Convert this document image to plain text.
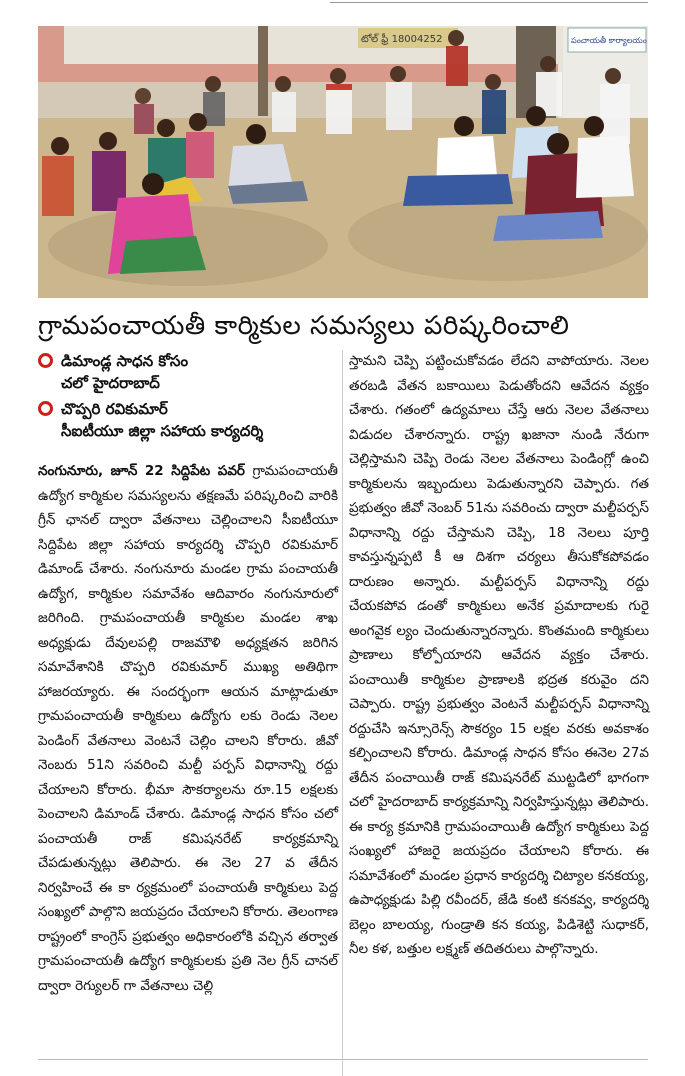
టోల్ ఫ్రీ 18004252	పంచాయతీ కార్యాలయం
గ్రామపంచాయతీ కార్మికుల సమస్యలు పరిష్కరించాలి
డిమాండ్ల సాధన కోసం
చలో హైదరాబాద్
చొప్పరి రవికుమార్
సీఐటీయూ జిల్లా సహాయ కార్యదర్శి
నంగునూరు, జూన్ 22 సిద్దిపేట పవర్ గ్రామపంచాయతీ ఉద్యోగ కార్మికుల సమస్యలను తక్షణమే పరిష్కరించి వారికి గ్రీన్ ఛానల్ ద్వారా వేతనాలు చెల్లించాలని సీఐటీయూ సిద్దిపేట జిల్లా సహాయ కార్యదర్శి చొప్పరి రవికుమార్ డిమాండ్ చేశారు. నంగునూరు మండల గ్రామ పంచాయతీ ఉద్యోగ, కార్మికుల సమావేశం ఆదివారం నంగునూరులో జరిగింది. గ్రామపంచాయతీ కార్మికుల మండల శాఖ అధ్యక్షుడు దేవులపల్లి రాజమౌళి అధ్యక్షతన జరిగిన సమావేశానికి చొప్పరి రవికుమార్ ముఖ్య అతిథిగా హాజరయ్యారు. ఈ సందర్భంగా ఆయన మాట్లాడుతూ గ్రామపంచాయతీ కార్మికులు ఉద్యోగు లకు రెండు నెలల పెండింగ్ వేతనాలు వెంటనే చెల్లిం చాలని కోరారు. జీవో నెంబరు 51ని సవరించి మల్టీ పర్పస్ విధానాన్ని రద్దు చేయాలని కోరారు. భీమా సౌకర్యాలను రూ.15 లక్షలకు పెంచాలని డిమాండ్ చేశారు. డిమాండ్ల సాధన కోసం చలో పంచాయతీ రాజ్ కమిషనరేట్ కార్యక్రమాన్ని చేపడుతున్నట్లు తెలిపారు. ఈ నెల 27 వ తేదీన నిర్వహించే ఈ కా ర్యక్రమంలో పంచాయతీ కార్మికులు పెద్ద సంఖ్యలో పాల్గొని జయప్రదం చేయాలని కోరారు. తెలంగాణ రాష్ట్రంలో కాంగ్రెస్ ప్రభుత్వం అధికారంలోకి వచ్చిన తర్వాత గ్రామపంచాయతీ ఉద్యోగ కార్మికులకు ప్రతి నెల గ్రీన్ చానల్ ద్వారా రెగ్యులర్ గా వేతనాలు చెల్లి
స్తామని చెప్పి పట్టించుకోవడం లేదని వాపోయారు. నెలల తరబడి వేతన బకాయిలు పెడుతోందని ఆవేదన వ్యక్తం చేశారు. గతంలో ఉద్యమాలు చేస్తే ఆరు నెలల వేతనాలు విడుదల చేశారన్నారు. రాష్ట్ర ఖజానా నుండి నేరుగా చెల్లిస్తామని చెప్పి రెండు నెలల వేతనాలు పెండింగ్లో ఉంచి కార్మికులను ఇబ్బందులు పెడుతున్నారని చెప్పారు. గత ప్రభుత్వం జీవో నెంబర్ 51ను సవరించు ద్వారా మల్టీపర్పస్ విధానాన్ని రద్దు చేస్తామని చెప్పి, 18 నెలలు పూర్తి కావస్తున్నప్పటి కీ ఆ దిశగా చర్యలు తీసుకోకపోవడం దారుణం అన్నారు. మల్టీపర్పస్ విధానాన్ని రద్దు చేయకపోవ డంతో కార్మికులు అనేక ప్రమాదాలకు గురై అంగవైక ల్యం చెందుతున్నారన్నారు. కొంతమంది కార్మికులు ప్రాణాలు కోల్పోయారని ఆవేదన వ్యక్తం చేశారు. పంచాయితీ కార్మికుల ప్రాణాలకి భద్రత కరువైం దని చెప్పారు. రాష్ట్ర ప్రభుత్వం వెంటనే మల్టీపర్పస్ విధానాన్ని రద్దుచేసి ఇన్సూరెన్స్ సౌకర్యం 15 లక్షల వరకు అవకాశం కల్పించాలని కోరారు. డిమాండ్ల సాధన కోసం ఈనెల 27వ తేదీన పంచాయితీ రాజ్ కమిషనరేట్ ముట్టడిలో భాగంగా చలో హైదరాబాద్ కార్యక్రమాన్ని నిర్వహిస్తున్నట్లు తెలిపారు. ఈ కార్య క్రమానికి గ్రామపంచాయితీ ఉద్యోగ కార్మికులు పెద్ద సంఖ్యలో హాజరై జయప్రదం చేయాలని కోరారు. ఈ సమావేశంలో మండల ప్రధాన కార్యదర్శి చిట్యాల కనకయ్య, ఉపాధ్యక్షుడు పిల్లి రవీందర్, జేడి కంటి కనకవ్వ, కార్యదర్శి బెల్లం బాలయ్య, గుండ్రాతి కన కయ్య, పిడిశెట్టి సుధాకర్, నీల కళ, బత్తుల లక్ష్మణ్ తదితరులు పాల్గొన్నారు.
